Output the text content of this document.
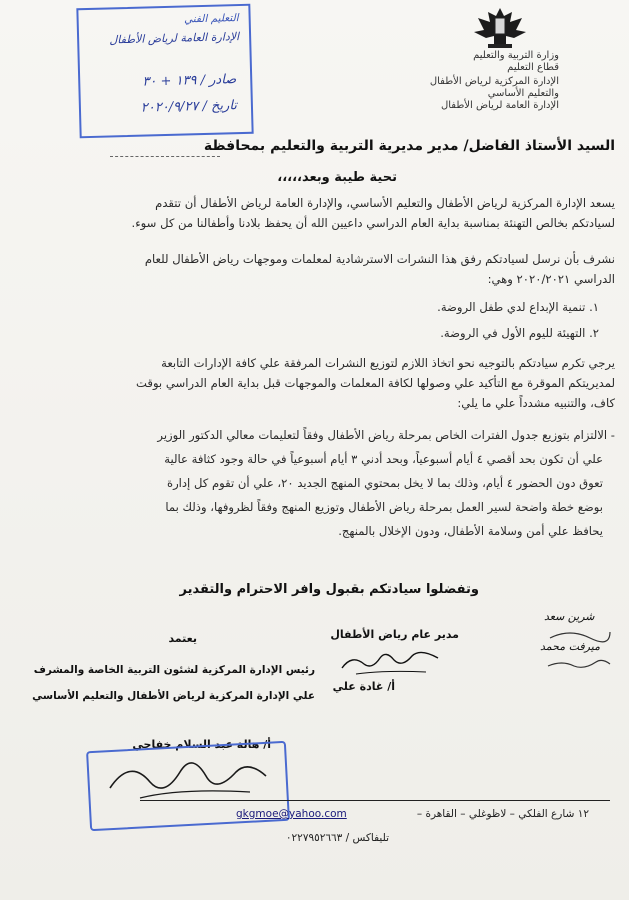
وزارة التربية والتعليم
قطاع التعليم
الإدارة المركزية لرياض الأطفال
والتعليم الأساسي
الإدارة العامة لرياض الأطفال
التعليم الفني
الإدارة العامة لرياض الأطفال
صادر / ١٣٩ + ٣٠
تاريخ / ٢٠٢٠/٩/٢٧
السيد الأستاذ الفاضل/ مدير مديرية التربية والتعليم بمحافظة
تحية طيبة وبعد،،،،،
يسعد الإدارة المركزية لرياض الأطفال والتعليم الأساسي، والإدارة العامة لرياض الأطفال أن تتقدم
لسيادتكم بخالص التهنئة بمناسبة بداية العام الدراسي داعيين الله أن يحفظ بلادنا وأطفالنا من كل سوء.
نشرف بأن نرسل لسيادتكم رفق هذا النشرات الاسترشادية لمعلمات وموجهات رياض الأطفال للعام
الدراسي ٢٠٢٠/٢٠٢١ وهي:
١. تنمية الإبداع لدي طفل الروضة.
٢. التهيئة لليوم الأول في الروضة.
يرجي تكرم سيادتكم بالتوجيه نحو اتخاذ اللازم لتوزيع النشرات المرفقة علي كافة الإدارات التابعة
لمديريتكم الموقرة مع التأكيد علي وصولها لكافة المعلمات والموجهات قبل بداية العام الدراسي بوقت
كاف، والتنبيه مشدداً علي ما يلي:
- الالتزام بتوزيع جدول الفترات الخاص بمرحلة رياض الأطفال وفقاً لتعليمات معالي الدكتور الوزير
علي أن تكون بحد أقصي ٤ أيام أسبوعياً، وبحد أدني ٣ أيام أسبوعياً في حالة وجود كثافة عالية
تعوق دون الحضور ٤ أيام، وذلك بما لا يخل بمحتوي المنهج الجديد ٢٠، علي أن تقوم كل إدارة
بوضع خطة واضحة لسير العمل بمرحلة رياض الأطفال وتوزيع المنهج وفقاً لظروفها، وذلك بما
يحافظ علي أمن وسلامة الأطفال، ودون الإخلال بالمنهج.
وتفضلوا سيادتكم بقبول وافر الاحترام والتقدير
شرين سعد
ميرفت محمد
مدير عام رياض الأطفال
أ/ غادة علي
يعتمد
رئيس الإدارة المركزية لشئون التربية الخاصة والمشرف
علي الإدارة المركزية لرياض الأطفال والتعليم الأساسي
أ/ هالة عبد السلام خفاجي
١٢ شارع الفلكي – لاظوغلي – القاهرة –
gkgmoe@yahoo.com
تليفاكس / ٠٢٢٧٩٥٢٦٦٣
